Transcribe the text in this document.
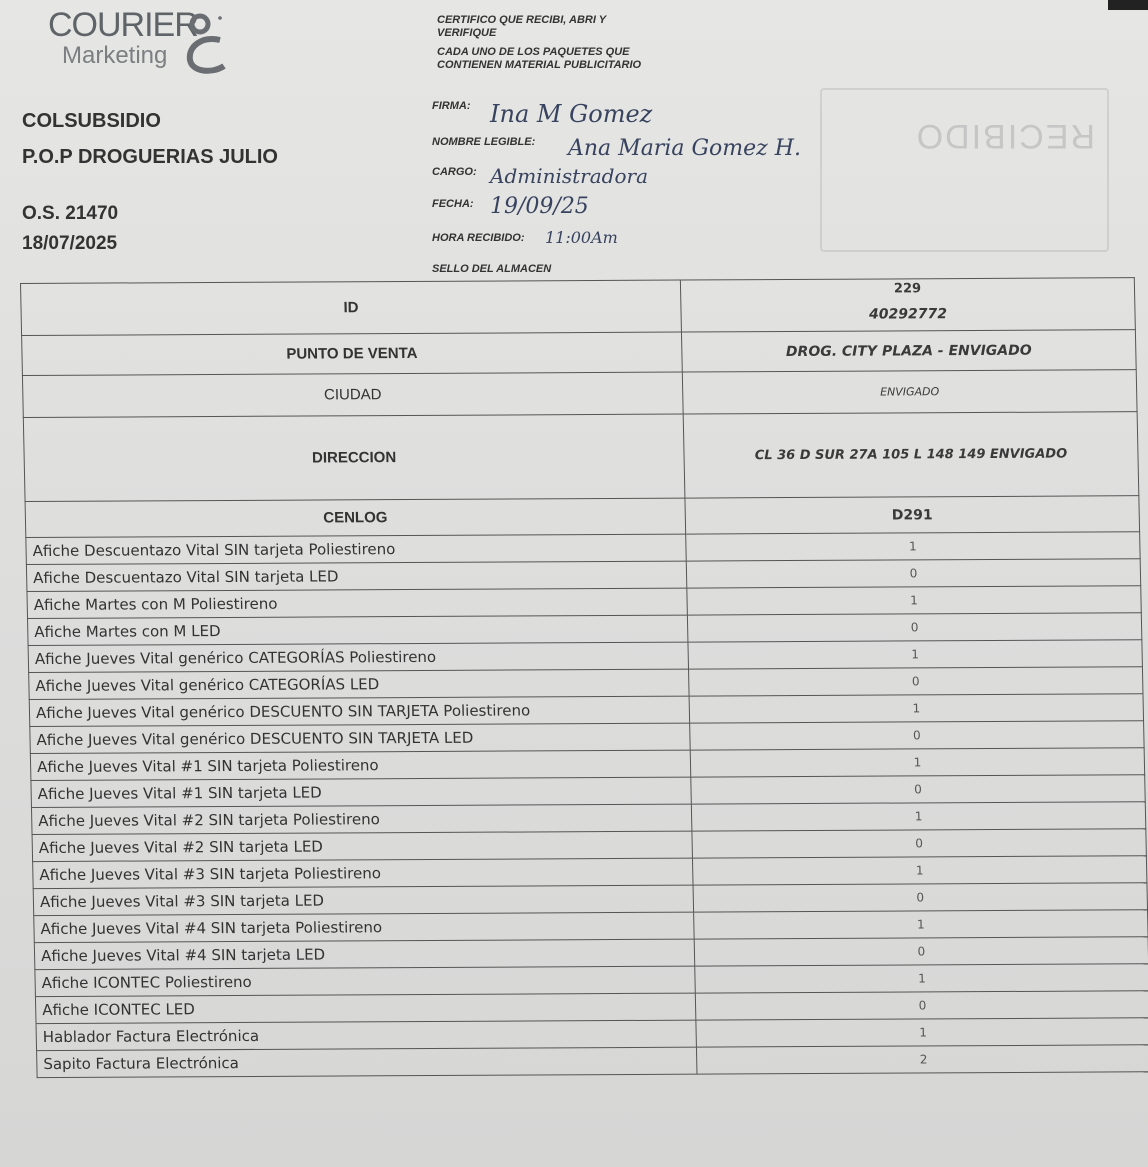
COURIER
Marketing
COLSUBSIDIO
P.O.P DROGUERIAS JULIO
O.S. 21470
18/07/2025
CERTIFICO QUE RECIBI, ABRI Y
VERIFIQUE
CADA UNO DE LOS PAQUETES QUE
CONTIENEN MATERIAL PUBLICITARIO
FIRMA: Ina M Gomez
NOMBRE LEGIBLE: Ana Maria Gomez H.
CARGO: Administradora
FECHA: 19/09/25
HORA RECIBIDO: 11:00Am
SELLO DEL ALMACEN
RECIBIDO
ID	229
40292772

PUNTO DE VENTA	DROG. CITY PLAZA - ENVIGADO
CIUDAD	ENVIGADO
DIRECCION	CL 36 D SUR 27A 105 L 148 149 ENVIGADO
CENLOG	D291
Afiche Descuentazo Vital SIN tarjeta Poliestireno	1
Afiche Descuentazo Vital SIN tarjeta LED	0
Afiche Martes con M Poliestireno	1
Afiche Martes con M LED	0
Afiche Jueves Vital genérico CATEGORÍAS Poliestireno	1
Afiche Jueves Vital genérico CATEGORÍAS LED	0
Afiche Jueves Vital genérico DESCUENTO SIN TARJETA Poliestireno	1
Afiche Jueves Vital genérico DESCUENTO SIN TARJETA LED	0
Afiche Jueves Vital #1 SIN tarjeta Poliestireno	1
Afiche Jueves Vital #1 SIN tarjeta LED	0
Afiche Jueves Vital #2 SIN tarjeta Poliestireno	1
Afiche Jueves Vital #2 SIN tarjeta LED	0
Afiche Jueves Vital #3 SIN tarjeta Poliestireno	1
Afiche Jueves Vital #3 SIN tarjeta LED	0
Afiche Jueves Vital #4 SIN tarjeta Poliestireno	1
Afiche Jueves Vital #4 SIN tarjeta LED	0
Afiche ICONTEC Poliestireno	1
Afiche ICONTEC LED	0
Hablador Factura Electrónica	1
Sapito Factura Electrónica	2
